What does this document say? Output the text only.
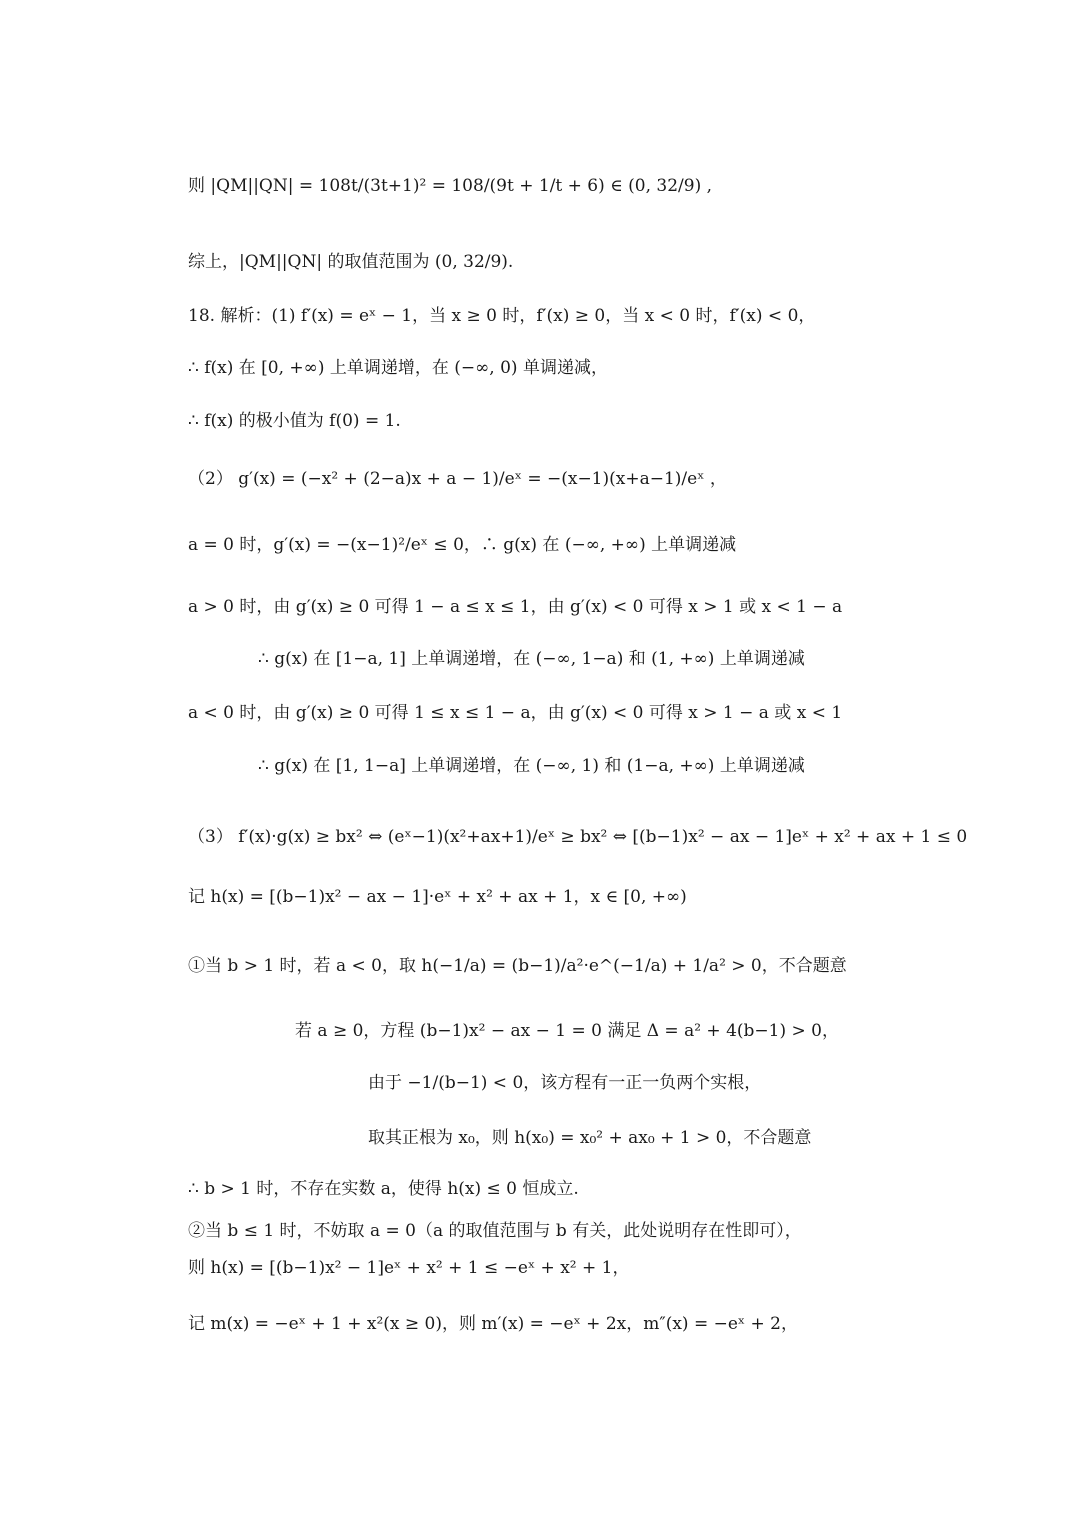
则 |QM||QN| = 108t/(3t+1)² = 108/(9t + 1/t + 6) ∈ (0, 32/9) ,
综上，|QM||QN| 的取值范围为 (0, 32/9).
18. 解析：(1) f′(x) = eˣ − 1，当 x ≥ 0 时，f′(x) ≥ 0，当 x < 0 时，f′(x) < 0，
∴ f(x) 在 [0, +∞) 上单调递增，在 (−∞, 0) 单调递减，
∴ f(x) 的极小值为 f(0) = 1.
（2） g′(x) = (−x² + (2−a)x + a − 1)/eˣ = −(x−1)(x+a−1)/eˣ ，
a = 0 时，g′(x) = −(x−1)²/eˣ ≤ 0，∴ g(x) 在 (−∞, +∞) 上单调递减
a > 0 时，由 g′(x) ≥ 0 可得 1 − a ≤ x ≤ 1，由 g′(x) < 0 可得 x > 1 或 x < 1 − a
∴ g(x) 在 [1−a, 1] 上单调递增，在 (−∞, 1−a) 和 (1, +∞) 上单调递减
a < 0 时，由 g′(x) ≥ 0 可得 1 ≤ x ≤ 1 − a，由 g′(x) < 0 可得 x > 1 − a 或 x < 1
∴ g(x) 在 [1, 1−a] 上单调递增，在 (−∞, 1) 和 (1−a, +∞) 上单调递减
（3） f′(x)·g(x) ≥ bx² ⇔ (eˣ−1)(x²+ax+1)/eˣ ≥ bx² ⇔ [(b−1)x² − ax − 1]eˣ + x² + ax + 1 ≤ 0
记 h(x) = [(b−1)x² − ax − 1]·eˣ + x² + ax + 1，x ∈ [0, +∞)
①当 b > 1 时，若 a < 0，取 h(−1/a) = (b−1)/a²·e^(−1/a) + 1/a² > 0，不合题意
若 a ≥ 0，方程 (b−1)x² − ax − 1 = 0 满足 Δ = a² + 4(b−1) > 0，
由于 −1/(b−1) < 0，该方程有一正一负两个实根，
取其正根为 x₀，则 h(x₀) = x₀² + ax₀ + 1 > 0，不合题意
∴ b > 1 时，不存在实数 a，使得 h(x) ≤ 0 恒成立.
②当 b ≤ 1 时，不妨取 a = 0（a 的取值范围与 b 有关，此处说明存在性即可），
则 h(x) = [(b−1)x² − 1]eˣ + x² + 1 ≤ −eˣ + x² + 1，
记 m(x) = −eˣ + 1 + x²(x ≥ 0)，则 m′(x) = −eˣ + 2x，m″(x) = −eˣ + 2，
